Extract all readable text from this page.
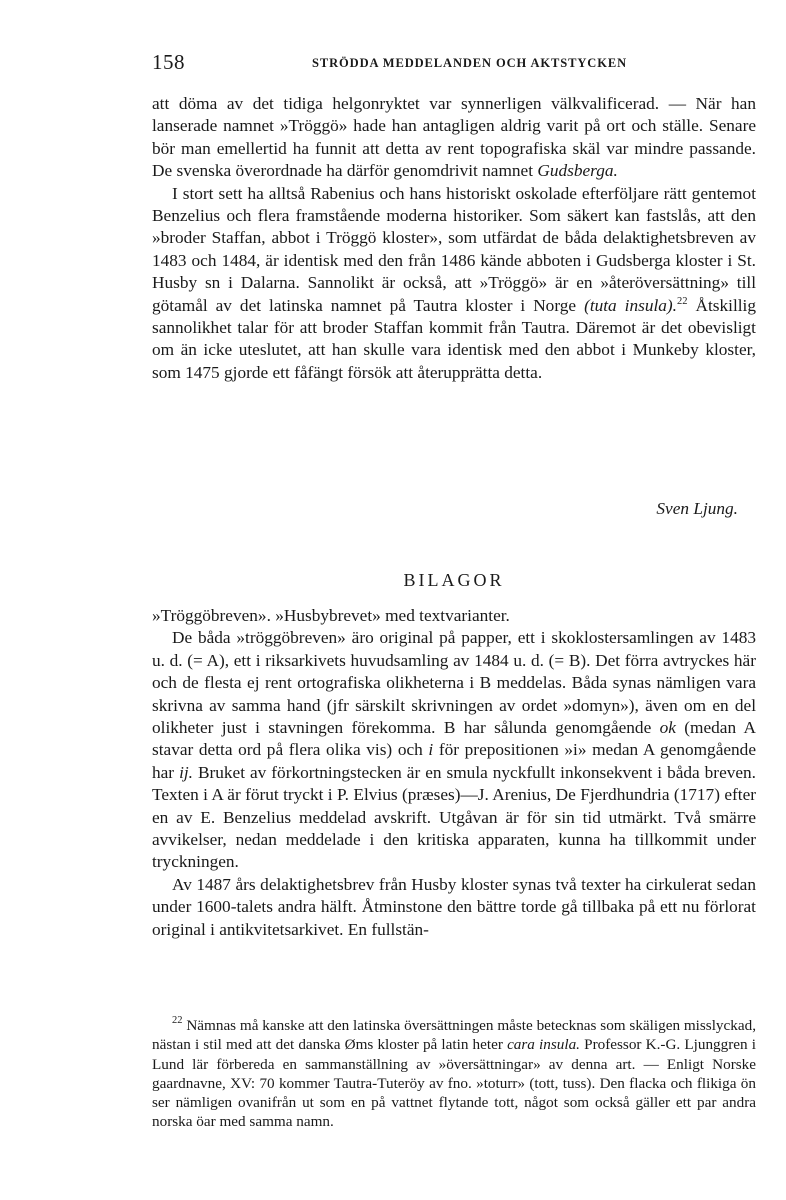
158	STRÖDDA MEDDELANDEN OCH AKTSTYCKEN

att döma av det tidiga helgonryktet var synnerligen välkvalificerad. — När han lanserade namnet »Tröggö» hade han antagligen aldrig varit på ort och ställe. Senare bör man emellertid ha funnit att detta av rent topografiska skäl var mindre passande. De svenska överordnade ha därför genomdrivit namnet Gudsberga.

I stort sett ha alltså Rabenius och hans historiskt oskolade efterföljare rätt gentemot Benzelius och flera framstående moderna historiker. Som säkert kan fastslås, att den »broder Staffan, abbot i Tröggö kloster», som utfärdat de båda delaktighetsbreven av 1483 och 1484, är identisk med den från 1486 kände abboten i Gudsberga kloster i St. Husby sn i Dalarna. Sannolikt är också, att »Tröggö» är en »återöversättning» till götamål av det latinska namnet på Tautra kloster i Norge (tuta insula).$^{22}$ Åtskillig sannolikhet talar för att broder Staffan kommit från Tautra. Däremot är det obevisligt om än icke uteslutet, att han skulle vara identisk med den abbot i Munkeby kloster, som 1475 gjorde ett fåfängt försök att återupprätta detta.

Sven Ljung.
BILAGOR

»Tröggöbreven». »Husbybrevet» med textvarianter.

De båda »tröggöbreven» äro original på papper, ett i skoklostersamlingen av 1483 u. d. (= A), ett i riksarkivets huvudsamling av 1484 u. d. (= B). Det förra avtryckes här och de flesta ej rent ortografiska olikheterna i B meddelas. Båda synas nämligen vara skrivna av samma hand (jfr särskilt skrivningen av ordet »domyn»), även om en del olikheter just i stavningen förekomma. B har sålunda genomgående ok (medan A stavar detta ord på flera olika vis) och i för prepositionen »i» medan A genomgående har ij. Bruket av förkortningstecken är en smula nyckfullt inkonsekvent i båda breven. Texten i A är förut tryckt i P. Elvius (præses)—J. Arenius, De Fjerdhundria (1717) efter en av E. Benzelius meddelad avskrift. Utgåvan är för sin tid utmärkt. Två smärre avvikelser, nedan meddelade i den kritiska apparaten, kunna ha tillkommit under tryckningen.

Av 1487 års delaktighetsbrev från Husby kloster synas två texter ha cirkulerat sedan under 1600-talets andra hälft. Åtminstone den bättre torde gå tillbaka på ett nu förlorat original i antikvitetsarkivet. En fullstän-

$^{22}$ Nämnas må kanske att den latinska översättningen måste betecknas som skäligen misslyckad, nästan i stil med att det danska Øms kloster på latin heter cara insula. Professor K.-G. Ljunggren i Lund lär förbereda en sammanställning av »översättningar» av denna art. — Enligt Norske gaardnavne, XV: 70 kommer Tautra-Tuteröy av fno. »toturr» (tott, tuss). Den flacka och flikiga ön ser nämligen ovanifrån ut som en på vattnet flytande tott, något som också gäller ett par andra norska öar med samma namn.
